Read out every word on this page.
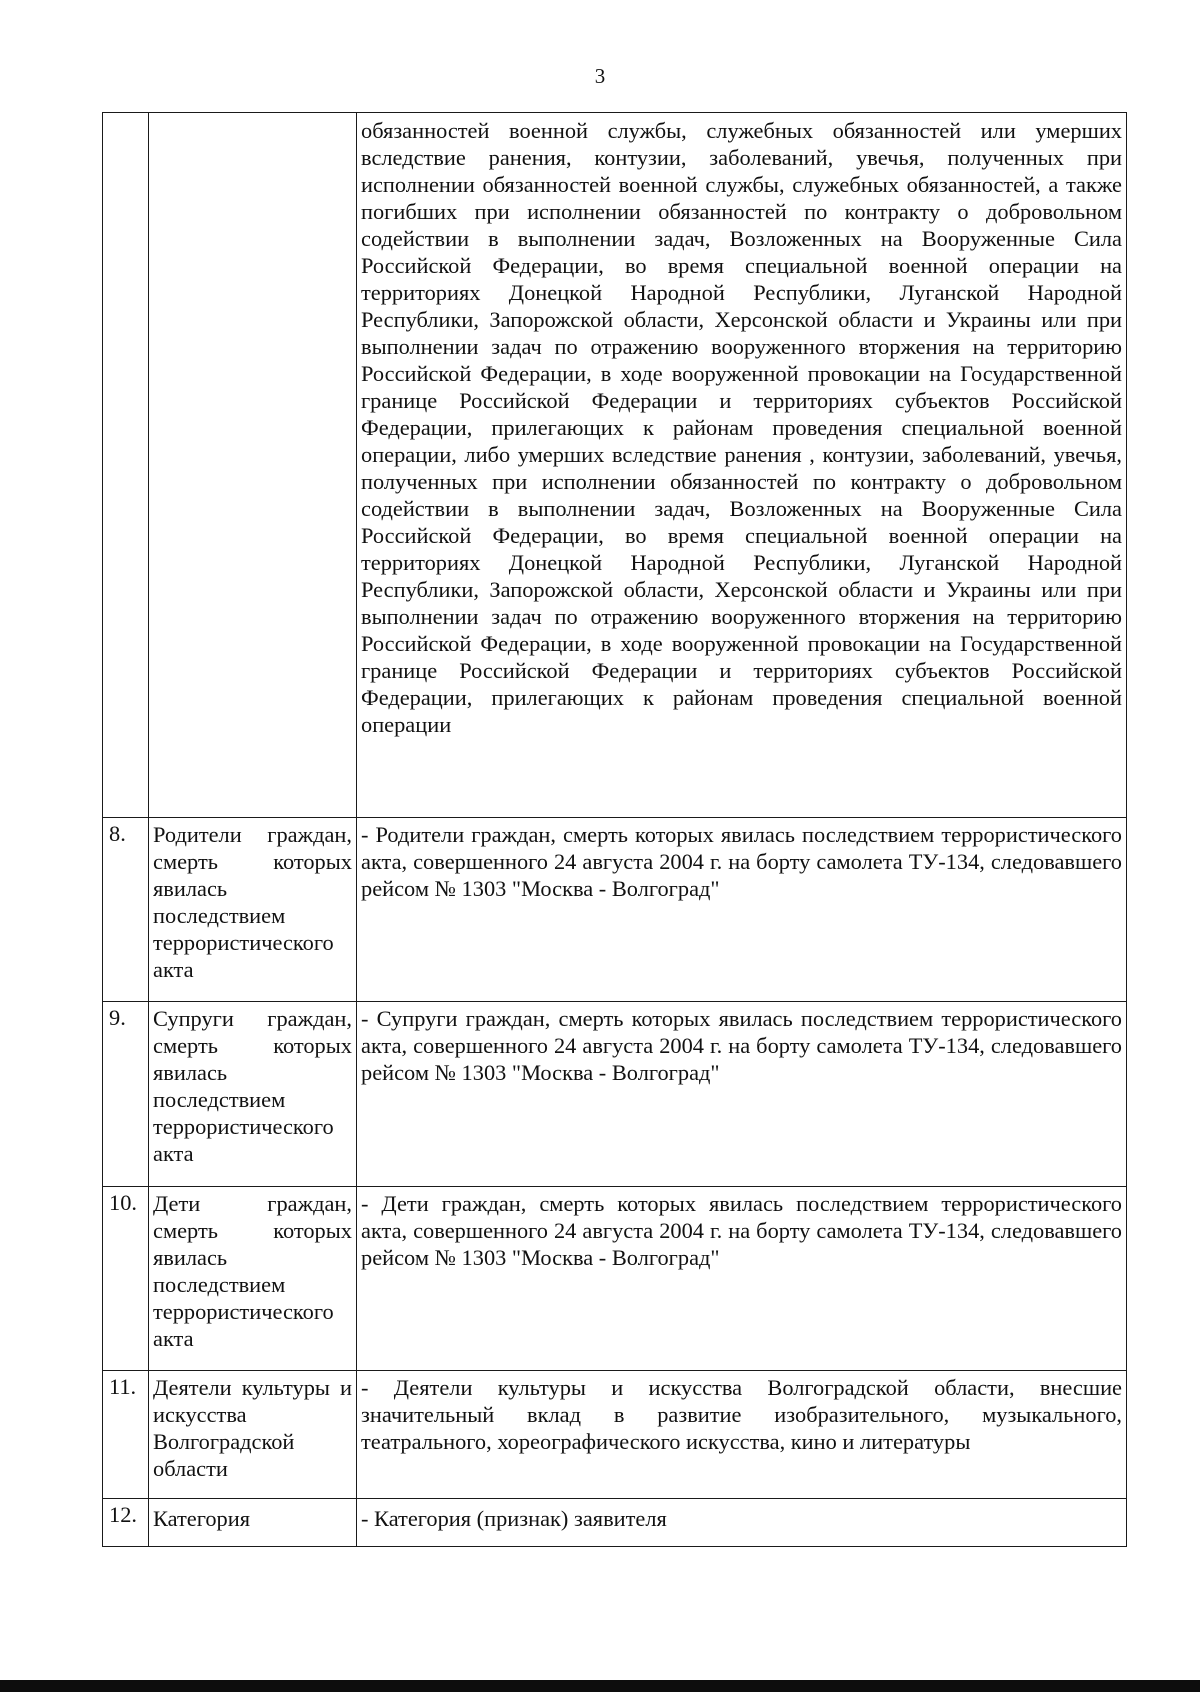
3
		обязанностей военной службы, служебных обязанностей или умерших вследствие ранения, контузии, заболеваний, увечья, полученных при исполнении обязанностей военной службы, служебных обязанностей, а также погибших при исполнении обязанностей по контракту о добровольном содействии в выполнении задач, Возложенных на Вооруженные Сила Российской Федерации, во время специальной военной операции на территориях Донецкой Народной Республики, Луганской Народной Республики, Запорожской области, Херсонской области и Украины или при выполнении задач по отражению вооруженного вторжения на территорию Российской Федерации, в ходе вооруженной провокации на Государственной границе Российской Федерации и территориях субъектов Российской Федерации, прилегающих к районам проведения специальной военной операции, либо умерших вследствие ранения , контузии, заболеваний, увечья, полученных при исполнении обязанностей по контракту о добровольном содействии в выполнении задач, Возложенных на Вооруженные Сила Российской Федерации, во время специальной военной операции на территориях Донецкой Народной Республики, Луганской Народной Республики, Запорожской области, Херсонской области и Украины или при выполнении задач по отражению вооруженного вторжения на территорию Российской Федерации, в ходе вооруженной провокации на Государственной границе Российской Федерации и территориях субъектов Российской Федерации, прилегающих к районам проведения специальной военной операции
8.	Родители граждан, смерть которых явилась последствием террористического акта	- Родители граждан, смерть которых явилась последствием террористического акта, совершенного 24 августа 2004 г. на борту самолета ТУ-134, следовавшего рейсом № 1303 "Москва - Волгоград"
9.	Супруги граждан, смерть которых явилась последствием террористического акта	- Супруги граждан, смерть которых явилась последствием террористического акта, совершенного 24 августа 2004 г. на борту самолета ТУ-134, следовавшего рейсом № 1303 "Москва - Волгоград"
10.	Дети граждан, смерть которых явилась последствием террористического акта	- Дети граждан, смерть которых явилась последствием террористического акта, совершенного 24 августа 2004 г. на борту самолета ТУ-134, следовавшего рейсом № 1303 "Москва - Волгоград"
11.	Деятели культуры и искусства Волгоградской области	- Деятели культуры и искусства Волгоградской области, внесшие значительный вклад в развитие изобразительного, музыкального, театрального, хореографического искусства, кино и литературы
12.	Категория	- Категория (признак) заявителя
